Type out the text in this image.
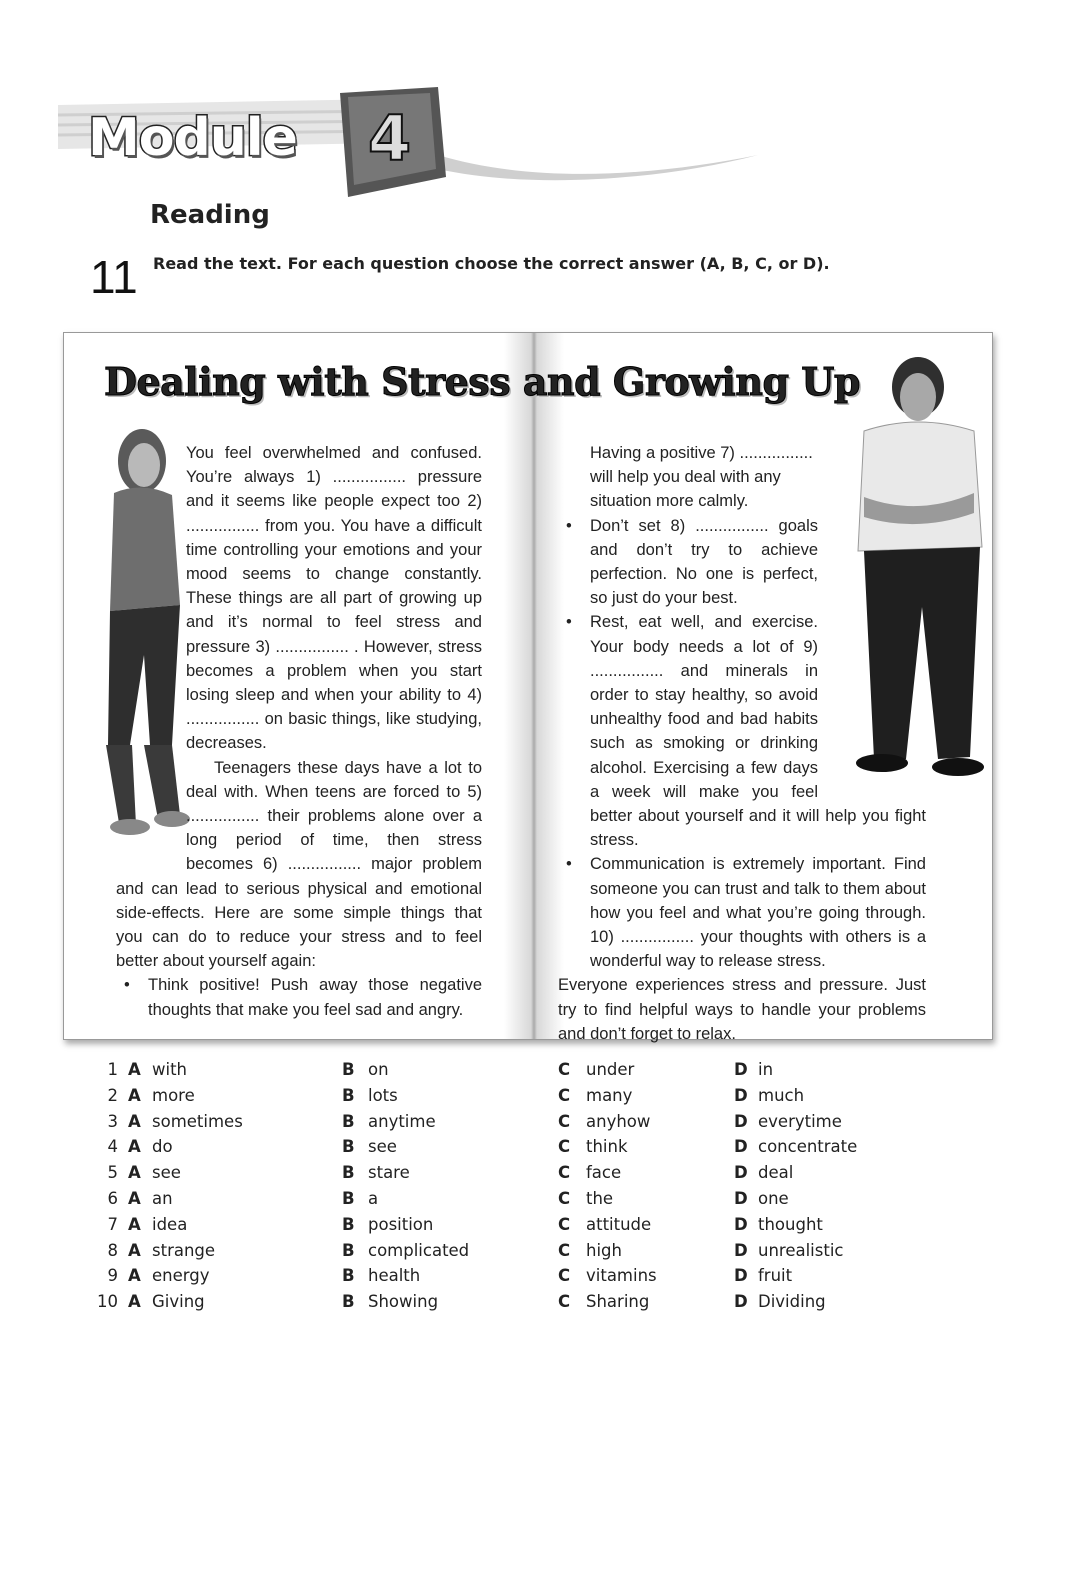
Module 4
Reading
11 Read the text. For each question choose the correct answer (A, B, C, or D).
Dealing with Stress and Growing Up

You feel overwhelmed and confused. You’re always 1) ................ pressure and it seems like people expect too 2) ................ from you. You have a difficult time controlling your emotions and your mood seems to change constantly. These things are all part of growing up and it’s normal to feel stress and pressure 3) ................ . However, stress becomes a problem when you start losing sleep and when your ability to 4) ................ on basic things, like studying, decreases.

Teenagers these days have a lot to deal with. When teens are forced to 5) ................ their problems alone over a long period of time, then stress becomes 6) ................ major problem and can lead to serious physical and emotional side-effects. Here are some simple things that you can do to reduce your stress and to feel better about yourself again:

• Think positive! Push away those negative thoughts that make you feel sad and angry.

Having a positive 7) ................ will help you deal with any situation more calmly.

• Don’t set 8) ................ goals and don’t try to achieve perfection. No one is perfect, so just do your best.
• Rest, eat well, and exercise. Your body needs a lot of 9) ................ and minerals in order to stay healthy, so avoid unhealthy food and bad habits such as smoking or drinking alcohol. Exercising a few days a week will make you feel better about yourself and it will help you fight stress.
• Communication is extremely important. Find someone you can trust and talk to them about how you feel and what you’re going through. 10) ................ your thoughts with others is a wonderful way to release stress.

Everyone experiences stress and pressure. Just try to find helpful ways to handle your problems and don’t forget to relax.

1 A with	B on	C under	D in
2 A more	B lots	C many	D much
3 A sometimes	B anytime	C anyhow	D everytime
4 A do	B see	C think	D concentrate
5 A see	B stare	C face	D deal
6 A an	B a	C the	D one
7 A idea	B position	C attitude	D thought
8 A strange	B complicated	C high	D unrealistic
9 A energy	B health	C vitamins	D fruit
10 A Giving	B Showing	C Sharing	D Dividing
